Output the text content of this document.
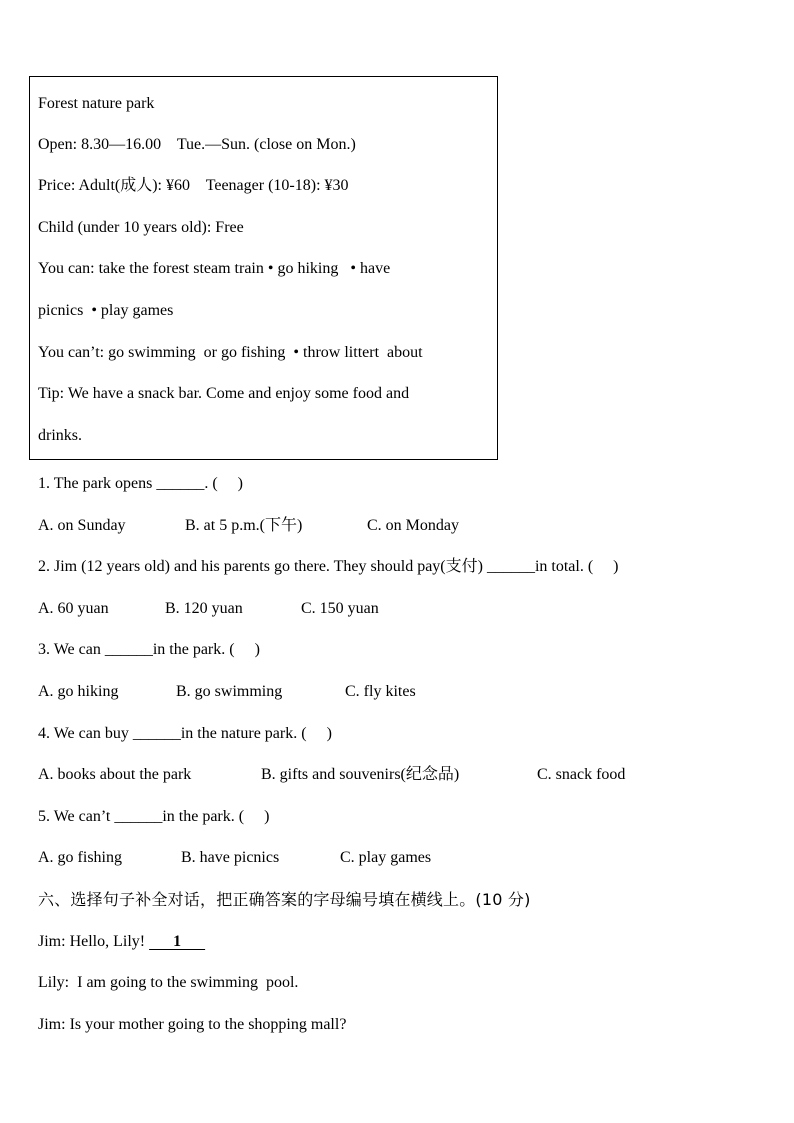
Forest nature park
Open: 8.30—16.00    Tue.—Sun. (close on Mon.)
Price: Adult(成人): ¥60    Teenager (10-18): ¥30
Child (under 10 years old): Free
You can: take the forest steam train • go hiking   • have
picnics  • play games
You can’t: go swimming  or go fishing  • throw littert  about
Tip: We have a snack bar. Come and enjoy some food and
drinks.
1. The park opens ______. (     )
A. on Sunday	B. at 5 p.m.(下午)	C. on Monday
2. Jim (12 years old) and his parents go there. They should pay(支付) ______in total. (     )
A. 60 yuan	B. 120 yuan	C. 150 yuan
3. We can ______in the park. (     )
A. go hiking	B. go swimming	C. fly kites
4. We can buy ______in the nature park. (     )
A. books about the park	B. gifts and souvenirs(纪念品)	C. snack food
5. We can’t ______in the park. (     )
A. go fishing	B. have picnics	C. play games
六、选择句子补全对话，把正确答案的字母编号填在横线上。(10 分)
Jim: Hello, Lily!       1
Lily:  I am going to the swimming  pool.
Jim: Is your mother going to the shopping mall?
